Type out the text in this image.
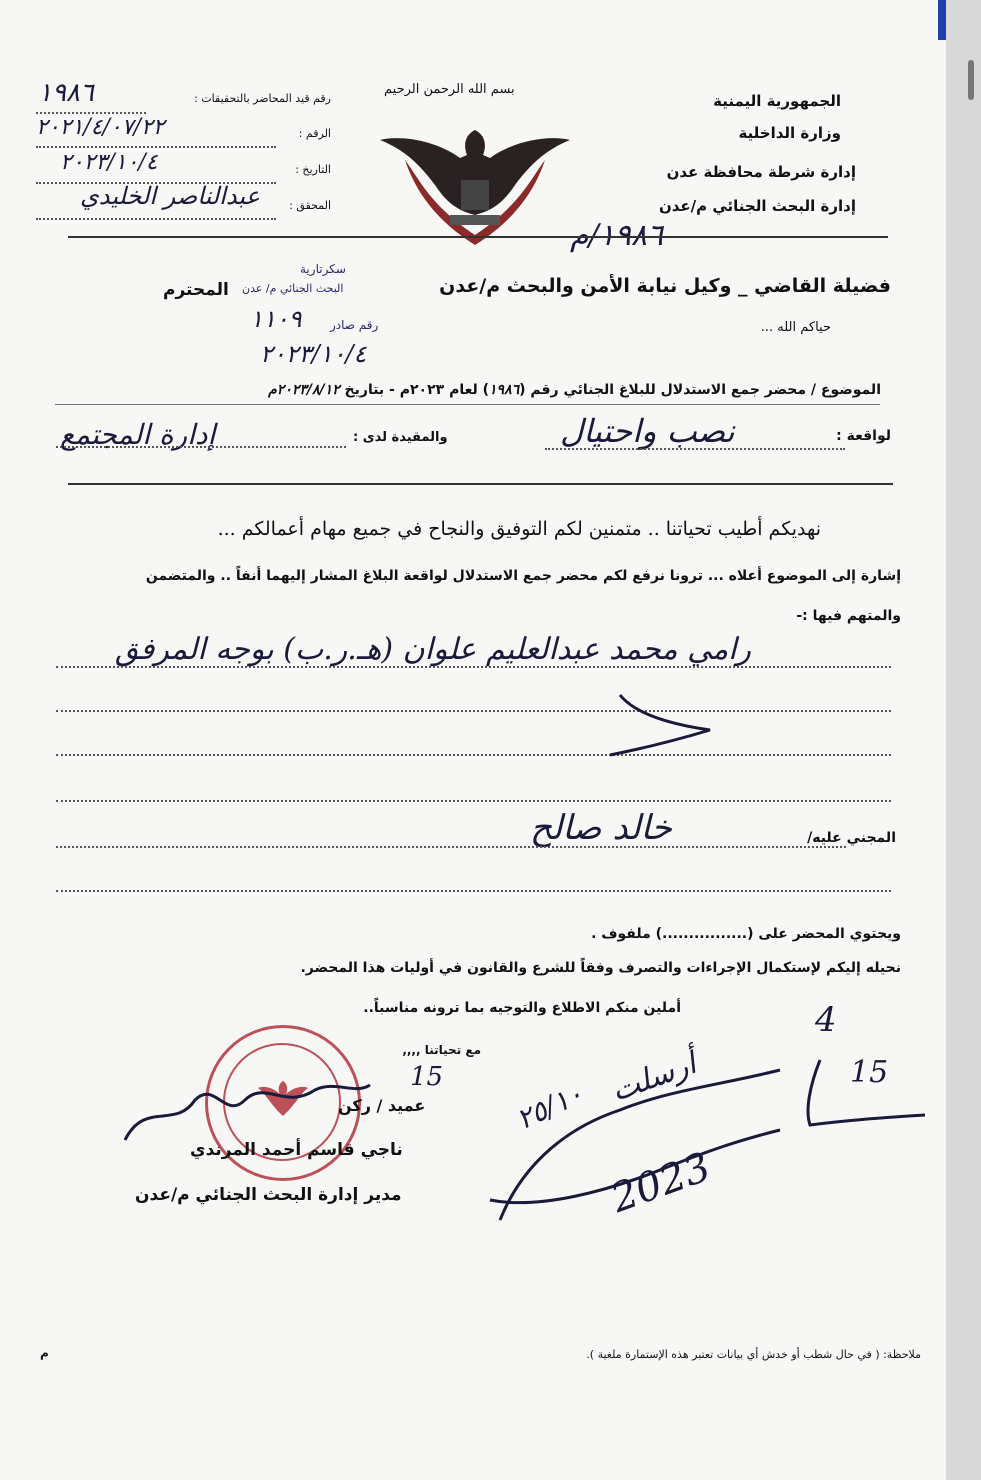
الجمهورية اليمنية
وزارة الداخلية
إدارة شرطة محافظة عدن
إدارة البحث الجنائي م/عدن
بسم الله الرحمن الرحيم
١٩٨٦/م
رقم قيد المحاضر بالتحقيقات :
١٩٨٦
الرقم :
٢٠٢١/٤/٠٧/٢٢
التاريخ :
٢٠٢٣/١٠/٤
المحقق :
عبدالناصر الخليدي
فضيلة القاضي _ وكيل نيابة الأمن والبحث م/عدن
المحترم
حياكم الله ...
سكرتارية
البحث الجنائي م/ عدن
رقم صادر
١١٠٩
٢٠٢٣/١٠/٤
الموضوع / محضر جمع الاستدلال للبلاغ الجنائي رقم (١٩٨٦) لعام ٢٠٢٣م - بتاريخ ٢٠٢٣/٨/١٢م
لواقعة :
نصب واحتيال
والمقيدة لدى :
إدارة المجتمع
نهديكم أطيب تحياتنا .. متمنين لكم التوفيق والنجاح في جميع مهام أعمالكم ...
إشارة إلى الموضوع أعلاه ... ترونا نرفع لكم محضر جمع الاستدلال لواقعة البلاغ المشار إليهما أنفاً .. والمتضمن
والمتهم فيها :-
رامي محمد عبدالعليم علوان (هـ.ر.ب) بوجه المرفق
المجني عليه/
خالد صالح
ويحتوي المحضر على (................) ملفوف .
نحيله إليكم لإستكمال الإجراءات والتصرف وفقاً للشرع والقانون في أوليات هذا المحضر.
أملين منكم الاطلاع والتوجيه بما ترونه مناسباً..
مع تحياتنا ,,,,
عميد / ركن
ناجي قاسم أحمد المرندي
مدير إدارة البحث الجنائي م/عدن
4
15
15	أرسلت
2023
٢٥/١٠
ملاحظة: ( في حال شطب أو خدش أي بيانات تعتبر هذه الإستمارة ملغية ).
م
